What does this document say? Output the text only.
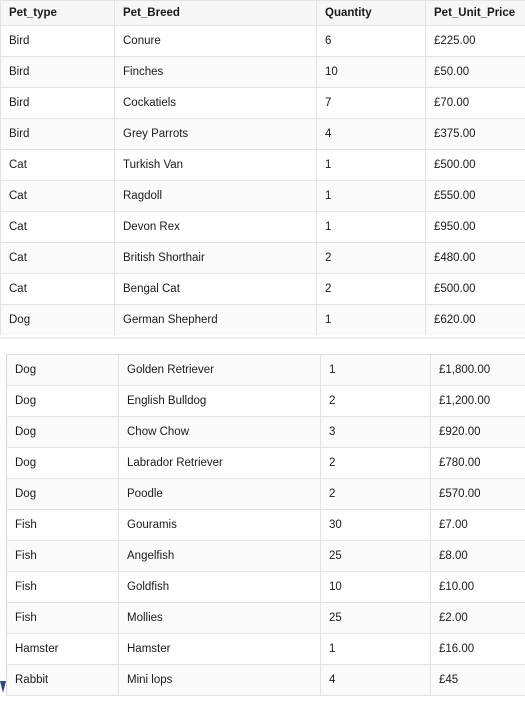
Pet_type	Pet_Breed	Quantity	Pet_Unit_Price
Bird	Conure	6	£225.00
Bird	Finches	10	£50.00
Bird	Cockatiels	7	£70.00
Bird	Grey Parrots	4	£375.00
Cat	Turkish Van	1	£500.00
Cat	Ragdoll	1	£550.00
Cat	Devon Rex	1	£950.00
Cat	British Shorthair	2	£480.00
Cat	Bengal Cat	2	£500.00
Dog	German Shepherd	1	£620.00
Dog	Golden Retriever	1	£1,800.00
Dog	English Bulldog	2	£1,200.00
Dog	Chow Chow	3	£920.00
Dog	Labrador Retriever	2	£780.00
Dog	Poodle	2	£570.00
Fish	Gouramis	30	£7.00
Fish	Angelfish	25	£8.00
Fish	Goldfish	10	£10.00
Fish	Mollies	25	£2.00
Hamster	Hamster	1	£16.00
Rabbit	Mini lops	4	£45
